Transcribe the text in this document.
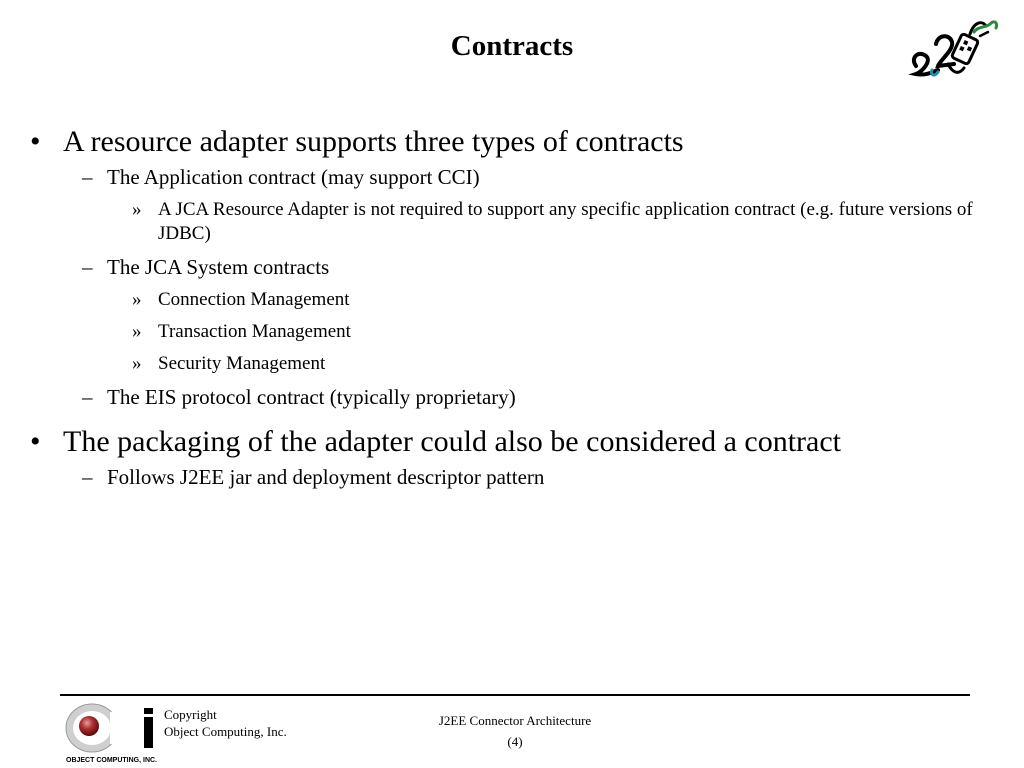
Contracts
• A resource adapter supports three types of contracts
– The Application contract (may support CCI)
» A JCA Resource Adapter is not required to support any specific application contract (e.g. future versions of JDBC)
– The JCA System contracts
» Connection Management
» Transaction Management
» Security Management
– The EIS protocol contract (typically proprietary)
• The packaging of the adapter could also be considered a contract
– Follows J2EE jar and deployment descriptor pattern
OBJECT COMPUTING, INC.
Copyright
Object Computing, Inc.
J2EE Connector Architecture
(4)
